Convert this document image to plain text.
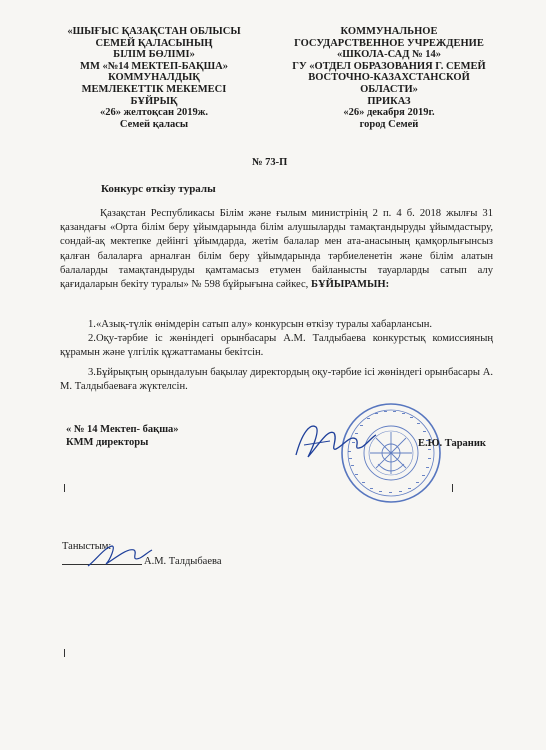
«ШЫҒЫС ҚАЗАҚСТАН ОБЛЫСЫ
СЕМЕЙ ҚАЛАСЫНЫҢ
БІЛІМ БӨЛІМІ»
ММ «№14 МЕКТЕП-БАҚША»
КОММУНАЛДЫҚ
МЕМЛЕКЕТТІК МЕКЕМЕСІ
БҰЙРЫҚ
«26» желтоқсан 2019ж.
Семей қаласы
КОММУНАЛЬНОЕ
ГОСУДАРСТВЕННОЕ УЧРЕЖДЕНИЕ
«ШКОЛА-САД № 14»
ГУ «ОТДЕЛ ОБРАЗОВАНИЯ Г. СЕМЕЙ
ВОСТОЧНО-КАЗАХСТАНСКОЙ
ОБЛАСТИ»
ПРИКАЗ
«26» декабря 2019г.
город Семей
№ 73-П
Конкурс өткізу туралы
Қазақстан Республикасы Білім және ғылым министрінің 2 п. 4 б. 2018 жылғы 31 қазандағы «Орта білім беру ұйымдарында білім алушыларды тамақтандыруды ұйымдастыру, сондай-ақ мектепке дейінгі ұйымдарда, жетім балалар мен ата-анасының қамқорлығынсыз қалған балаларға арналған білім беру ұйымдарында тәрбиеленетін және білім алатын балаларды тамақтандыруды қамтамасыз етумен байланысты тауарларды сатып алу қағидаларын бекіту туралы» № 598 бұйрығына сәйкес, БҰЙЫРАМЫН:
1.«Азық-түлік өнімдерін сатып алу» конкурсын өткізу туралы хабарлансын.
2.Оқу-тәрбие іс жөніндегі орынбасары А.М. Талдыбаева конкурстық комиссияның құрамын және үлгілік құжаттаманы бекітсін.
3.Бұйрықтың орындалуын бақылау директордың оқу-тәрбие ісі жөніндегі орынбасары А. М. Талдыбаеваға жүктелсін.
« № 14 Мектеп- бақша»
КММ директоры	Е.Ю. Тараник
Таныстым:
А.М. Талдыбаева
